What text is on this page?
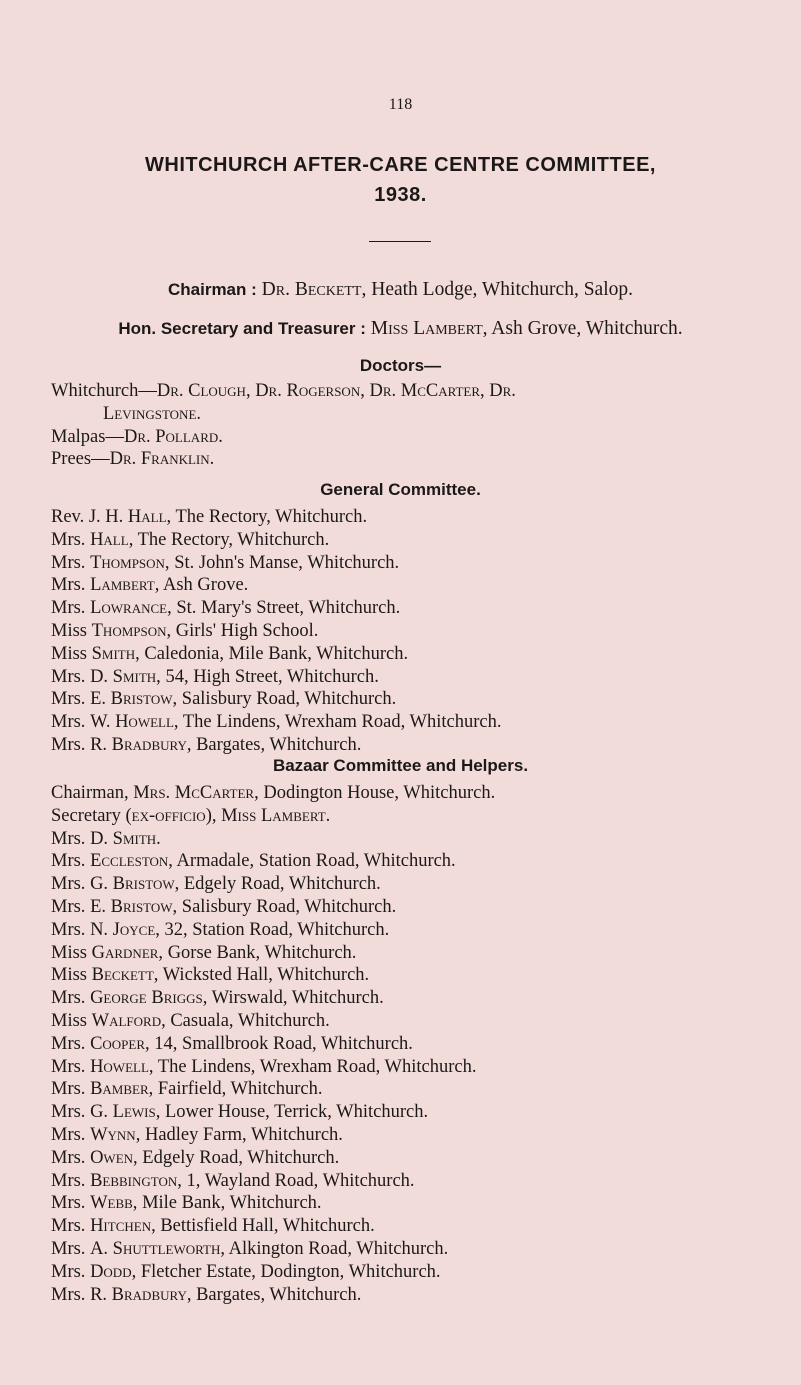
118
WHITCHURCH AFTER-CARE CENTRE COMMITTEE,
1938.
Chairman : Dr. Beckett, Heath Lodge, Whitchurch, Salop.
Hon. Secretary and Treasurer : Miss Lambert, Ash Grove, Whitchurch.
Doctors—
Whitchurch—Dr. Clough, Dr. Rogerson, Dr. McCarter, Dr.
Levingstone.
Malpas—Dr. Pollard.
Prees—Dr. Franklin.
General Committee.
Rev. J. H. Hall, The Rectory, Whitchurch.
Mrs. Hall, The Rectory, Whitchurch.
Mrs. Thompson, St. John's Manse, Whitchurch.
Mrs. Lambert, Ash Grove.
Mrs. Lowrance, St. Mary's Street, Whitchurch.
Miss Thompson, Girls' High School.
Miss Smith, Caledonia, Mile Bank, Whitchurch.
Mrs. D. Smith, 54, High Street, Whitchurch.
Mrs. E. Bristow, Salisbury Road, Whitchurch.
Mrs. W. Howell, The Lindens, Wrexham Road, Whitchurch.
Mrs. R. Bradbury, Bargates, Whitchurch.
Bazaar Committee and Helpers.
Chairman, Mrs. McCarter, Dodington House, Whitchurch.
Secretary (ex-officio), Miss Lambert.
Mrs. D. Smith.
Mrs. Eccleston, Armadale, Station Road, Whitchurch.
Mrs. G. Bristow, Edgely Road, Whitchurch.
Mrs. E. Bristow, Salisbury Road, Whitchurch.
Mrs. N. Joyce, 32, Station Road, Whitchurch.
Miss Gardner, Gorse Bank, Whitchurch.
Miss Beckett, Wicksted Hall, Whitchurch.
Mrs. George Briggs, Wirswald, Whitchurch.
Miss Walford, Casuala, Whitchurch.
Mrs. Cooper, 14, Smallbrook Road, Whitchurch.
Mrs. Howell, The Lindens, Wrexham Road, Whitchurch.
Mrs. Bamber, Fairfield, Whitchurch.
Mrs. G. Lewis, Lower House, Terrick, Whitchurch.
Mrs. Wynn, Hadley Farm, Whitchurch.
Mrs. Owen, Edgely Road, Whitchurch.
Mrs. Bebbington, 1, Wayland Road, Whitchurch.
Mrs. Webb, Mile Bank, Whitchurch.
Mrs. Hitchen, Bettisfield Hall, Whitchurch.
Mrs. A. Shuttleworth, Alkington Road, Whitchurch.
Mrs. Dodd, Fletcher Estate, Dodington, Whitchurch.
Mrs. R. Bradbury, Bargates, Whitchurch.
